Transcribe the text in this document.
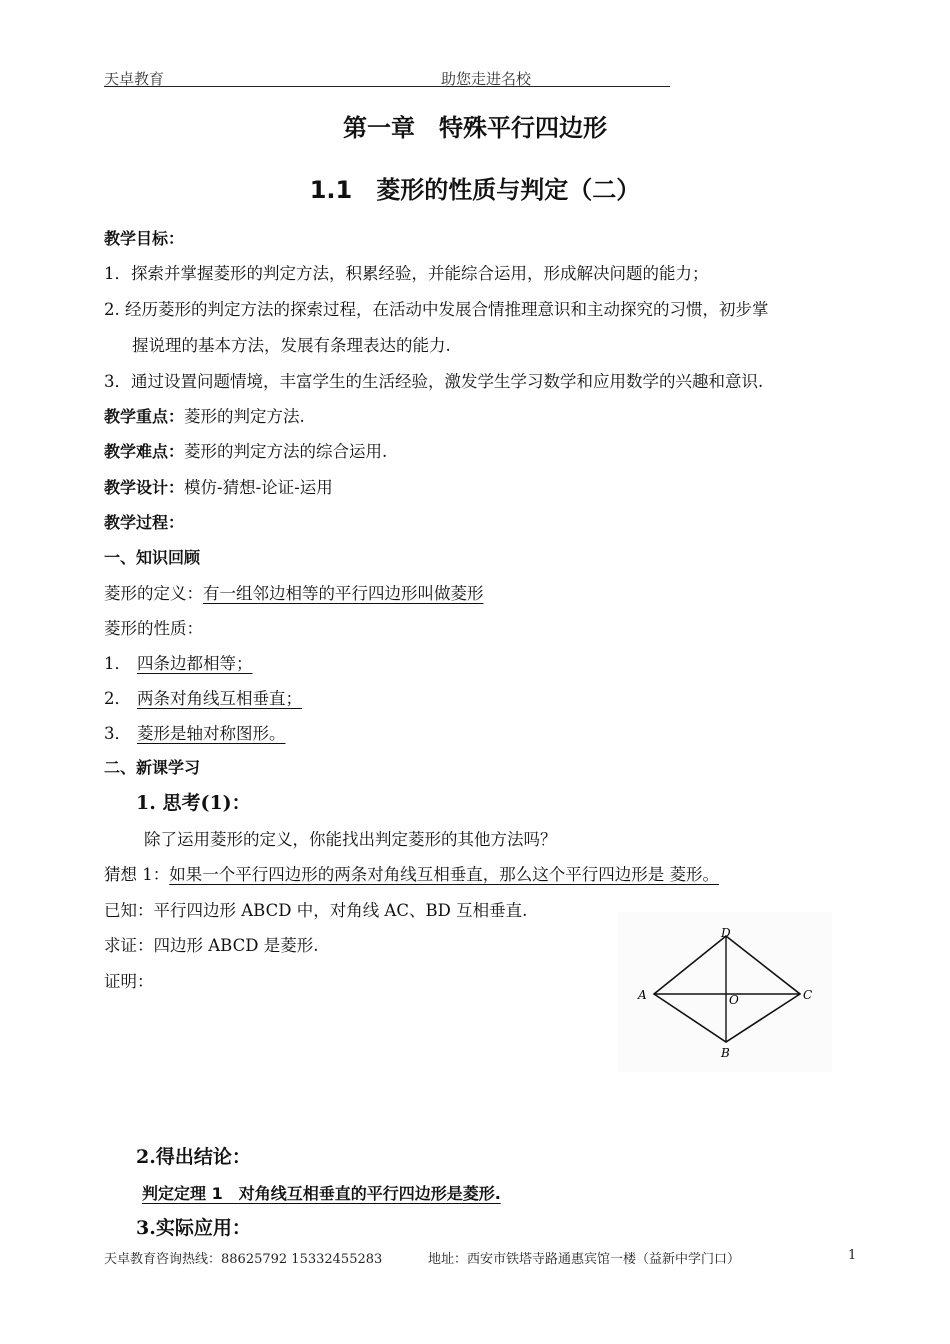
天卓教育	助您走进名校
第一章　特殊平行四边形
1.1　菱形的性质与判定（二）
教学目标：
1．探索并掌握菱形的判定方法，积累经验，并能综合运用，形成解决问题的能力；
2. 经历菱形的判定方法的探索过程，在活动中发展合情推理意识和主动探究的习惯，初步掌
握说理的基本方法，发展有条理表达的能力.
3．通过设置问题情境，丰富学生的生活经验，激发学生学习数学和应用数学的兴趣和意识.
教学重点：菱形的判定方法.
教学难点：菱形的判定方法的综合运用.
教学设计：模仿-猜想-论证-运用
教学过程：
一、知识回顾
菱形的定义：有一组邻边相等的平行四边形叫做菱形
菱形的性质：
1． 四条边都相等；
2． 两条对角线互相垂直；
3． 菱形是轴对称图形。
二、新课学习
1. 思考(1)：
除了运用菱形的定义，你能找出判定菱形的其他方法吗？
猜想 1：如果一个平行四边形的两条对角线互相垂直，那么这个平行四边形是 菱形。
已知：平行四边形 ABCD 中，对角线 AC、BD 互相垂直.
求证：四边形 ABCD 是菱形.
证明：
D
A	C
B
O
2.得出结论：
判定定理 1　对角线互相垂直的平行四边形是菱形.
3.实际应用：
天卓教育咨询热线：88625792 15332455283	地址：西安市铁塔寺路通惠宾馆一楼（益新中学门口）	1
